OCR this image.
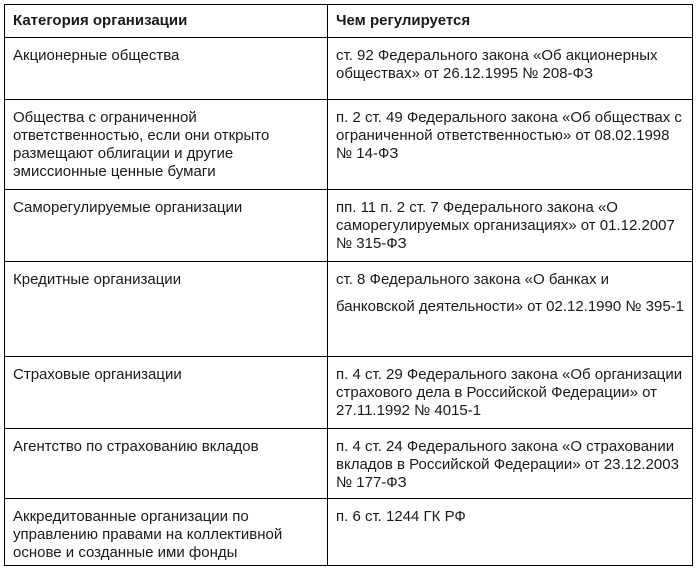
Категория организации	Чем регулируется
Акционерные общества	ст. 92 Федерального закона «Об акционерных обществах» от 26.12.1995 № 208-ФЗ
Общества с ограниченной ответственностью, если они открыто размещают облигации и другие эмиссионные ценные бумаги	п. 2 ст. 49 Федерального закона «Об обществах с ограниченной ответственностью» от 08.02.1998 № 14-ФЗ
Саморегулируемые организации	пп. 11 п. 2 ст. 7 Федерального закона «О саморегулируемых организациях» от 01.12.2007 № 315-ФЗ
Кредитные организации	ст. 8 Федерального закона «О банках и банковской деятельности» от 02.12.1990 № 395-1
Страховые организации	п. 4 ст. 29 Федерального закона «Об организации страхового дела в Российской Федерации» от 27.11.1992 № 4015-1
Агентство по страхованию вкладов	п. 4 ст. 24 Федерального закона «О страховании вкладов в Российской Федерации» от 23.12.2003 № 177-ФЗ
Аккредитованные организации по управлению правами на коллективной основе и созданные ими фонды	п. 6 ст. 1244 ГК РФ
